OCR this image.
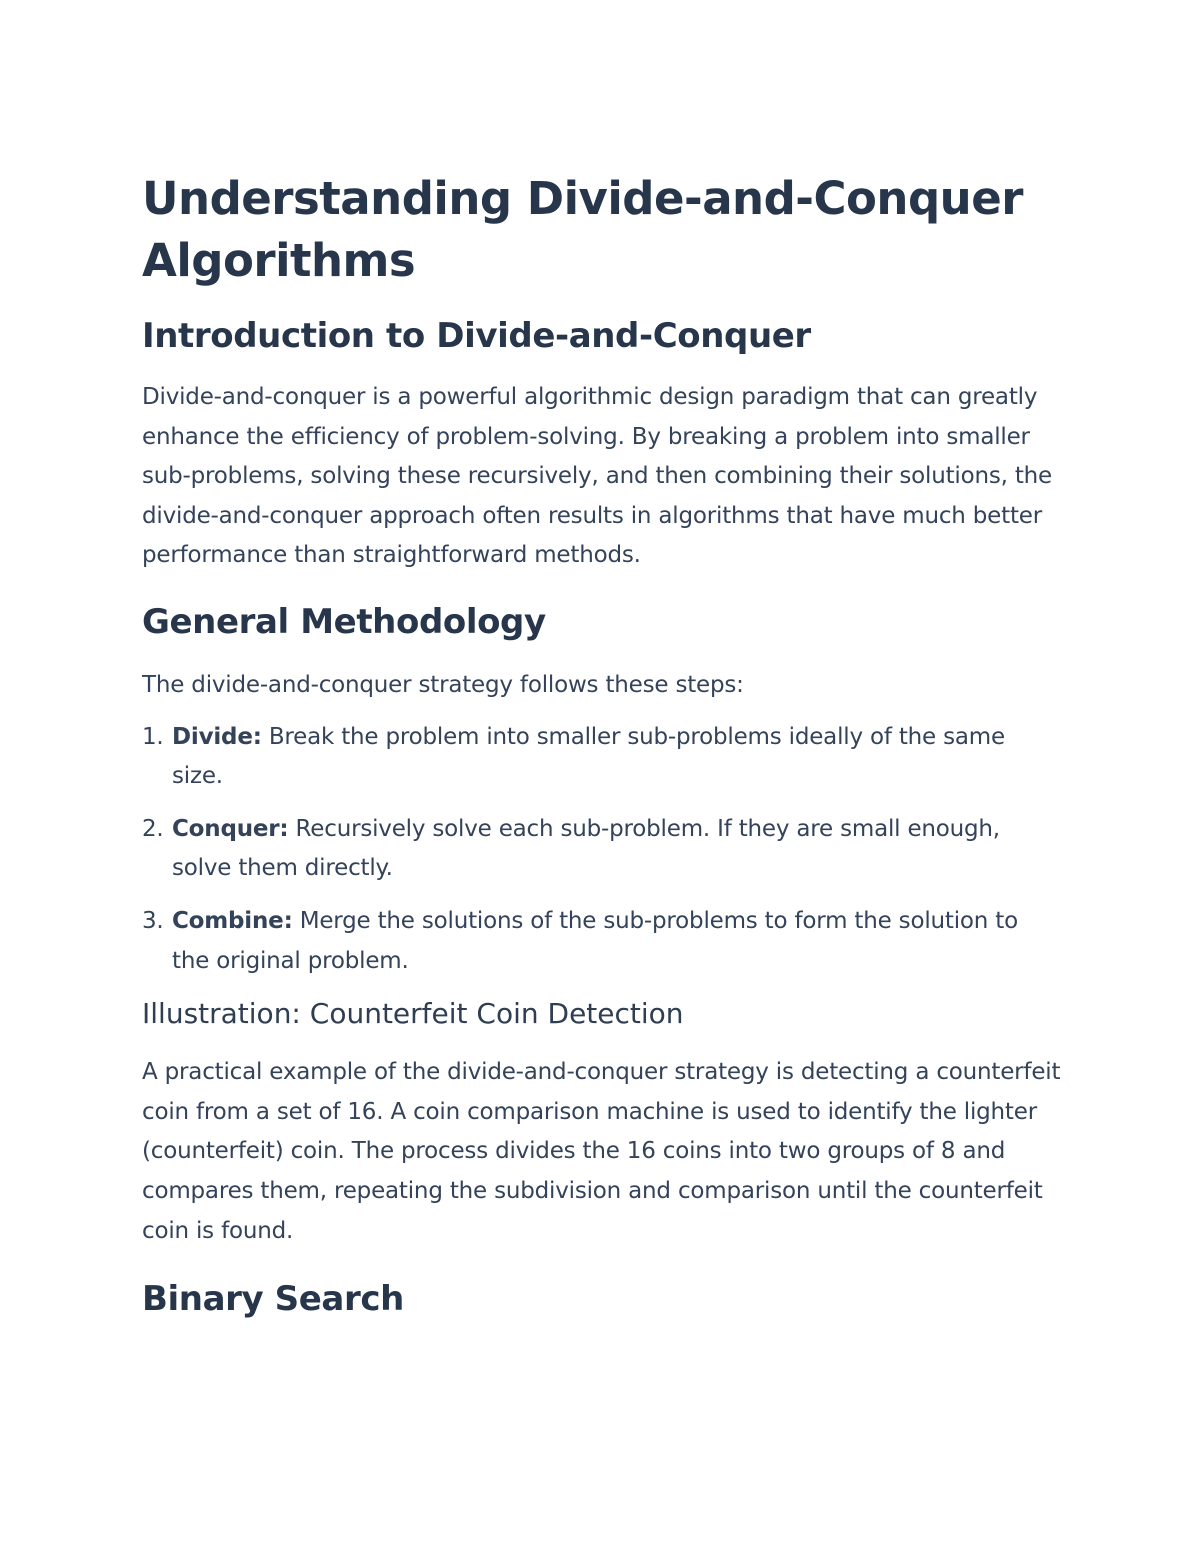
Understanding Divide-and-Conquer Algorithms
Introduction to Divide-and-Conquer

Divide-and-conquer is a powerful algorithmic design paradigm that can greatly enhance the efficiency of problem-solving. By breaking a problem into smaller sub-problems, solving these recursively, and then combining their solutions, the divide-and-conquer approach often results in algorithms that have much better performance than straightforward methods.

General Methodology

The divide-and-conquer strategy follows these steps:

1. Divide: Break the problem into smaller sub-problems ideally of the same size.
2. Conquer: Recursively solve each sub-problem. If they are small enough, solve them directly.
3. Combine: Merge the solutions of the sub-problems to form the solution to the original problem.
Illustration: Counterfeit Coin Detection

A practical example of the divide-and-conquer strategy is detecting a counterfeit coin from a set of 16. A coin comparison machine is used to identify the lighter (counterfeit) coin. The process divides the 16 coins into two groups of 8 and compares them, repeating the subdivision and comparison until the counterfeit coin is found.

Binary Search
